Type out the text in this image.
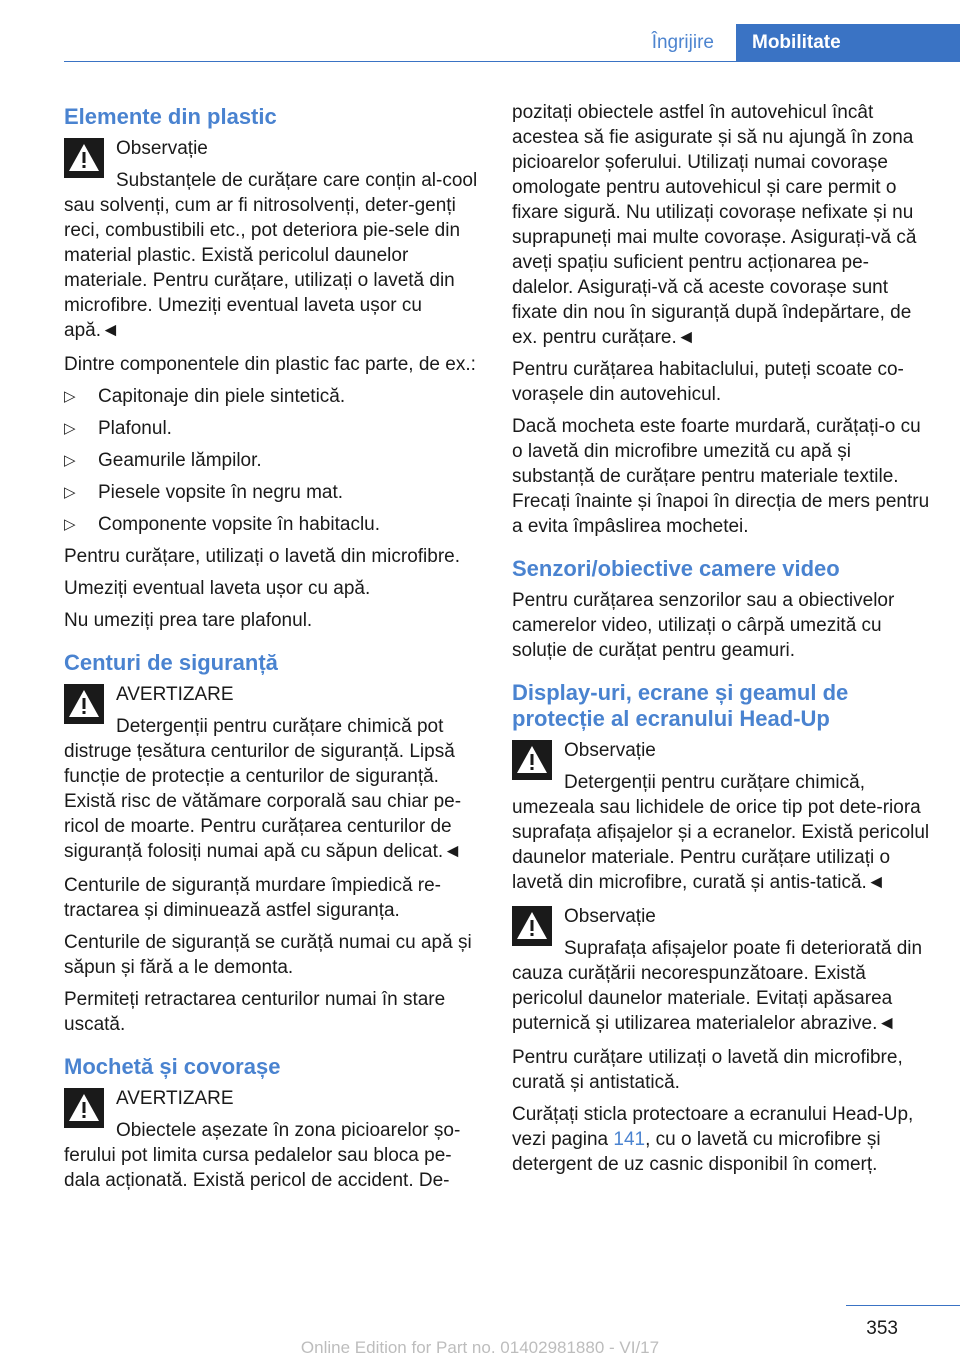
Îngrijire	Mobilitate
Elemente din plastic
Observație
Substanțele de curățare care conțin al-cool sau solvenți, cum ar fi nitrosolvenți, deter-genți reci, combustibili etc., pot deteriora pie-sele din material plastic. Există pericolul daunelor materiale. Pentru curățare, utilizați o lavetă din microfibre. Umeziți eventual laveta ușor cu apă.◄

Dintre componentele din plastic fac parte, de ex.:

▷ Capitonaje din piele sintetică.
▷ Plafonul.
▷ Geamurile lămpilor.
▷ Piesele vopsite în negru mat.
▷ Componente vopsite în habitaclu.

Pentru curățare, utilizați o lavetă din microfibre.

Umeziți eventual laveta ușor cu apă.

Nu umeziți prea tare plafonul.

Centuri de siguranță
AVERTIZARE
Detergenții pentru curățare chimică pot distruge țesătura centurilor de siguranță. Lipsă funcție de protecție a centurilor de siguranță. Există risc de vătămare corporală sau chiar pe-ricol de moarte. Pentru curățarea centurilor de siguranță folosiți numai apă cu săpun delicat.◄

Centurile de siguranță murdare împiedică re-tractarea și diminuează astfel siguranța.

Centurile de siguranță se curăță numai cu apă și săpun și fără a le demonta.

Permiteți retractarea centurilor numai în stare uscată.

Mochetă și covorașe
AVERTIZARE
Obiectele așezate în zona picioarelor șo-ferului pot limita cursa pedalelor sau bloca pe-dala acționată. Există pericol de accident. De-

pozitați obiectele astfel în autovehicul încât acestea să fie asigurate și să nu ajungă în zona picioarelor șoferului. Utilizați numai covorașe omologate pentru autovehicul și care permit o fixare sigură. Nu utilizați covorașe nefixate și nu suprapuneți mai multe covorașe. Asigurați-vă că aveți spațiu suficient pentru acționarea pe-dalelor. Asigurați-vă că aceste covorașe sunt fixate din nou în siguranță după îndepărtare, de ex. pentru curățare.◄

Pentru curățarea habitaclului, puteți scoate co-vorașele din autovehicul.

Dacă mocheta este foarte murdară, curățați-o cu o lavetă din microfibre umezită cu apă și substanță de curățare pentru materiale textile. Frecați înainte și înapoi în direcția de mers pentru a evita împâslirea mochetei.

Senzori/obiective camere video

Pentru curățarea senzorilor sau a obiectivelor camerelor video, utilizați o cârpă umezită cu soluție de curățat pentru geamuri.

Display-uri, ecrane și geamul de protecție al ecranului Head-Up
Observație
Detergenții pentru curățare chimică, umezeala sau lichidele de orice tip pot dete-riora suprafața afișajelor și a ecranelor. Există pericolul daunelor materiale. Pentru curățare utilizați o lavetă din microfibre, curată și antis-tatică.◄
Observație
Suprafața afișajelor poate fi deteriorată din cauza curățării necorespunzătoare. Există pericolul daunelor materiale. Evitați apăsarea puternică și utilizarea materialelor abrazive.◄

Pentru curățare utilizați o lavetă din microfibre, curată și antistatică.

Curățați sticla protectoare a ecranului Head-Up, vezi pagina 141, cu o lavetă cu microfibre și detergent de uz casnic disponibil în comerț.

353
Online Edition for Part no. 01402981880 - VI/17
